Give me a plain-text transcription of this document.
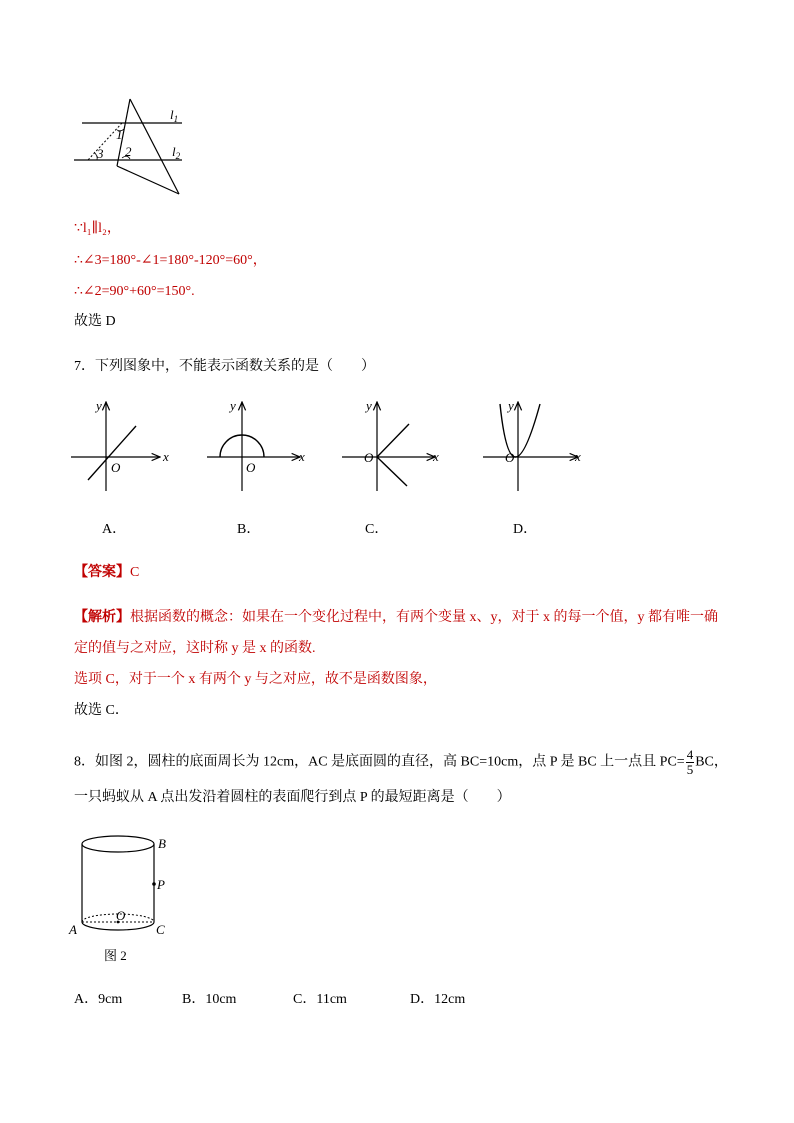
1
2
3
$l_1$
$l_2$
∵l₁∥l₂，
∴∠3=180°-∠1=180°-120°=60°，
∴∠2=90°+60°=150°.
故选 D
7．下列图象中，不能表示函数关系的是（　　）
y
x
O
y
x
O
y
x
O
y
x
O
A．	B．	C．	D．
【答案】C
【解析】根据函数的概念：如果在一个变化过程中，有两个变量 x、y，对于 x 的每一个值，y 都有唯一确
定的值与之对应，这时称 y 是 x 的函数.
选项 C，对于一个 x 有两个 y 与之对应，故不是函数图象，
故选 C．
8．如图 2，圆柱的底面周长为 12cm，AC 是底面圆的直径，高 BC=10cm，点 P 是 BC 上一点且 $PC= \frac{4}{5}$ BC，
一只蚂蚁从 A 点出发沿着圆柱的表面爬行到点 P 的最短距离是（　　）
B
P
O
A	C
图 2
A．9cm	B．10cm	C．11cm	D．12cm
